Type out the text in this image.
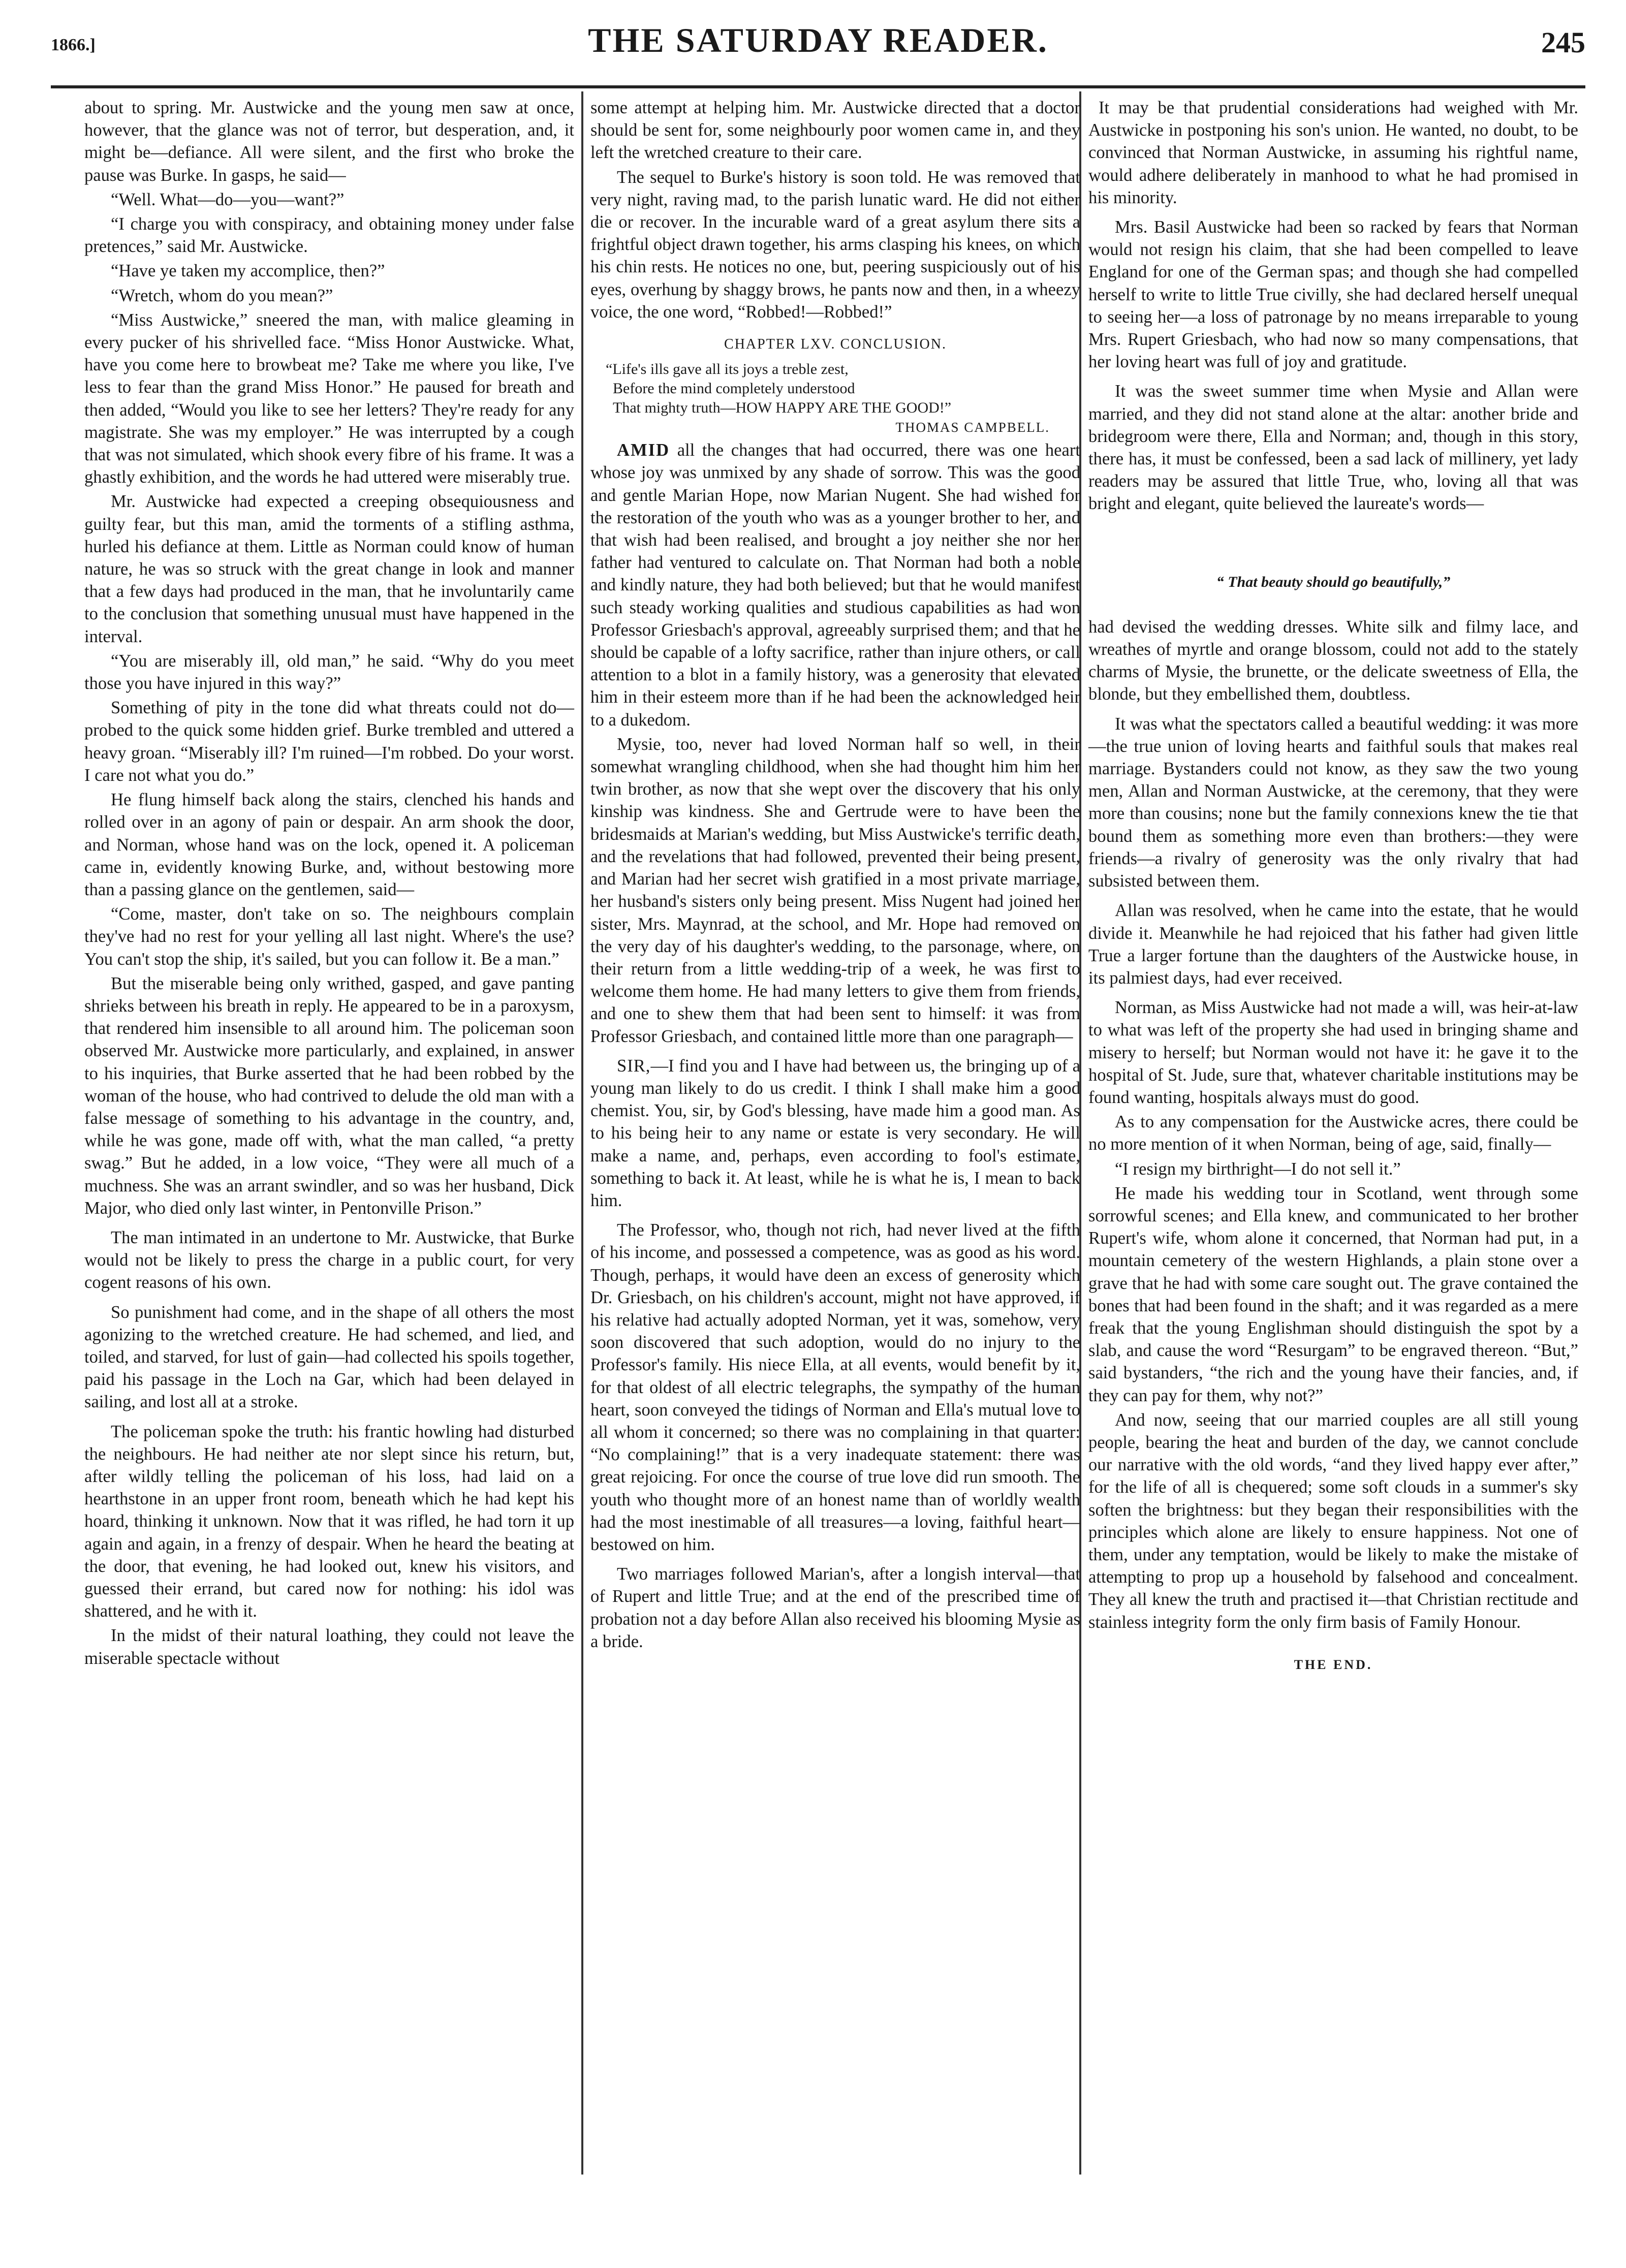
1866.]	THE SATURDAY READER.	245

about to spring. Mr. Austwicke and the young men saw at once, however, that the glance was not of terror, but desperation, and, it might be—defiance. All were silent, and the first who broke the pause was Burke. In gasps, he said—

“Well. What—do—you—want?”

“I charge you with conspiracy, and obtaining money under false pretences,” said Mr. Austwicke.

“Have ye taken my accomplice, then?”

“Wretch, whom do you mean?”

“Miss Austwicke,” sneered the man, with malice gleaming in every pucker of his shrivelled face. “Miss Honor Austwicke. What, have you come here to browbeat me? Take me where you like, I've less to fear than the grand Miss Honor.” He paused for breath and then added, “Would you like to see her letters? They're ready for any magistrate. She was my employer.” He was interrupted by a cough that was not simulated, which shook every fibre of his frame. It was a ghastly exhibition, and the words he had uttered were miserably true.

Mr. Austwicke had expected a creeping obsequiousness and guilty fear, but this man, amid the torments of a stifling asthma, hurled his defiance at them. Little as Norman could know of human nature, he was so struck with the great change in look and manner that a few days had produced in the man, that he involuntarily came to the conclusion that something unusual must have happened in the interval.

“You are miserably ill, old man,” he said. “Why do you meet those you have injured in this way?”

Something of pity in the tone did what threats could not do—probed to the quick some hidden grief. Burke trembled and uttered a heavy groan. “Miserably ill? I'm ruined—I'm robbed. Do your worst. I care not what you do.”

He flung himself back along the stairs, clenched his hands and rolled over in an agony of pain or despair. An arm shook the door, and Norman, whose hand was on the lock, opened it. A policeman came in, evidently knowing Burke, and, without bestowing more than a passing glance on the gentlemen, said—

“Come, master, don't take on so. The neighbours complain they've had no rest for your yelling all last night. Where's the use? You can't stop the ship, it's sailed, but you can follow it. Be a man.”

But the miserable being only writhed, gasped, and gave panting shrieks between his breath in reply. He appeared to be in a paroxysm, that rendered him insensible to all around him. The policeman soon observed Mr. Austwicke more particularly, and explained, in answer to his inquiries, that Burke asserted that he had been robbed by the woman of the house, who had contrived to delude the old man with a false message of something to his advantage in the country, and, while he was gone, made off with, what the man called, “a pretty swag.” But he added, in a low voice, “They were all much of a muchness. She was an arrant swindler, and so was her husband, Dick Major, who died only last winter, in Pentonville Prison.”

The man intimated in an undertone to Mr. Austwicke, that Burke would not be likely to press the charge in a public court, for very cogent reasons of his own.

So punishment had come, and in the shape of all others the most agonizing to the wretched creature. He had schemed, and lied, and toiled, and starved, for lust of gain—had collected his spoils together, paid his passage in the Loch na Gar, which had been delayed in sailing, and lost all at a stroke.

The policeman spoke the truth: his frantic howling had disturbed the neighbours. He had neither ate nor slept since his return, but, after wildly telling the policeman of his loss, had laid on a hearthstone in an upper front room, beneath which he had kept his hoard, thinking it unknown. Now that it was rifled, he had torn it up again and again, in a frenzy of despair. When he heard the beating at the door, that evening, he had looked out, knew his visitors, and guessed their errand, but cared now for nothing: his idol was shattered, and he with it.

In the midst of their natural loathing, they could not leave the miserable spectacle without

some attempt at helping him. Mr. Austwicke directed that a doctor should be sent for, some neighbourly poor women came in, and they left the wretched creature to their care.

The sequel to Burke's history is soon told. He was removed that very night, raving mad, to the parish lunatic ward. He did not either die or recover. In the incurable ward of a great asylum there sits a frightful object drawn together, his arms clasping his knees, on which his chin rests. He notices no one, but, peering suspiciously out of his eyes, overhung by shaggy brows, he pants now and then, in a wheezy voice, the one word, “Robbed!—Robbed!”

CHAPTER LXV. CONCLUSION.
“Life's ills gave all its joys a treble zest,
Before the mind completely understood
That mighty truth—HOW HAPPY ARE THE GOOD!”
THOMAS CAMPBELL.

AMID all the changes that had occurred, there was one heart whose joy was unmixed by any shade of sorrow. This was the good and gentle Marian Hope, now Marian Nugent. She had wished for the restoration of the youth who was as a younger brother to her, and that wish had been realised, and brought a joy neither she nor her father had ventured to calculate on. That Norman had both a noble and kindly nature, they had both believed; but that he would manifest such steady working qualities and studious capabilities as had won Professor Griesbach's approval, agreeably surprised them; and that he should be capable of a lofty sacrifice, rather than injure others, or call attention to a blot in a family history, was a generosity that elevated him in their esteem more than if he had been the acknowledged heir to a dukedom.

Mysie, too, never had loved Norman half so well, in their somewhat wrangling childhood, when she had thought him him her twin brother, as now that she wept over the discovery that his only kinship was kindness. She and Gertrude were to have been the bridesmaids at Marian's wedding, but Miss Austwicke's terrific death, and the revelations that had followed, prevented their being present, and Marian had her secret wish gratified in a most private marriage, her husband's sisters only being present. Miss Nugent had joined her sister, Mrs. Maynrad, at the school, and Mr. Hope had removed on the very day of his daughter's wedding, to the parsonage, where, on their return from a little wedding-trip of a week, he was first to welcome them home. He had many letters to give them from friends, and one to shew them that had been sent to himself: it was from Professor Griesbach, and contained little more than one paragraph—

SIR,—I find you and I have had between us, the bringing up of a young man likely to do us credit. I think I shall make him a good chemist. You, sir, by God's blessing, have made him a good man. As to his being heir to any name or estate is very secondary. He will make a name, and, perhaps, even according to fool's estimate, something to back it. At least, while he is what he is, I mean to back him.

The Professor, who, though not rich, had never lived at the fifth of his income, and possessed a competence, was as good as his word. Though, perhaps, it would have deen an excess of generosity which Dr. Griesbach, on his children's account, might not have approved, if his relative had actually adopted Norman, yet it was, somehow, very soon discovered that such adoption, would do no injury to the Professor's family. His niece Ella, at all events, would benefit by it, for that oldest of all electric telegraphs, the sympathy of the human heart, soon conveyed the tidings of Norman and Ella's mutual love to all whom it concerned; so there was no complaining in that quarter: “No complaining!” that is a very inadequate statement: there was great rejoicing. For once the course of true love did run smooth. The youth who thought more of an honest name than of worldly wealth had the most inestimable of all treasures—a loving, faithful heart—bestowed on him.

Two marriages followed Marian's, after a longish interval—that of Rupert and little True; and at the end of the prescribed time of probation not a day before Allan also received his blooming Mysie as a bride.

It may be that prudential considerations had weighed with Mr. Austwicke in postponing his son's union. He wanted, no doubt, to be convinced that Norman Austwicke, in assuming his rightful name, would adhere deliberately in manhood to what he had promised in his minority.

Mrs. Basil Austwicke had been so racked by fears that Norman would not resign his claim, that she had been compelled to leave England for one of the German spas; and though she had compelled herself to write to little True civilly, she had declared herself unequal to seeing her—a loss of patronage by no means irreparable to young Mrs. Rupert Griesbach, who had now so many compensations, that her loving heart was full of joy and gratitude.

It was the sweet summer time when Mysie and Allan were married, and they did not stand alone at the altar: another bride and bridegroom were there, Ella and Norman; and, though in this story, there has, it must be confessed, been a sad lack of millinery, yet lady readers may be assured that little True, who, loving all that was bright and elegant, quite believed the laureate's words—

“ That beauty should go beautifully,”

had devised the wedding dresses. White silk and filmy lace, and wreathes of myrtle and orange blossom, could not add to the stately charms of Mysie, the brunette, or the delicate sweetness of Ella, the blonde, but they embellished them, doubtless.

It was what the spectators called a beautiful wedding: it was more—the true union of loving hearts and faithful souls that makes real marriage. Bystanders could not know, as they saw the two young men, Allan and Norman Austwicke, at the ceremony, that they were more than cousins; none but the family connexions knew the tie that bound them as something more even than brothers:—they were friends—a rivalry of generosity was the only rivalry that had subsisted between them.

Allan was resolved, when he came into the estate, that he would divide it. Meanwhile he had rejoiced that his father had given little True a larger fortune than the daughters of the Austwicke house, in its palmiest days, had ever received.

Norman, as Miss Austwicke had not made a will, was heir-at-law to what was left of the property she had used in bringing shame and misery to herself; but Norman would not have it: he gave it to the hospital of St. Jude, sure that, whatever charitable institutions may be found wanting, hospitals always must do good.

As to any compensation for the Austwicke acres, there could be no more mention of it when Norman, being of age, said, finally—

“I resign my birthright—I do not sell it.”

He made his wedding tour in Scotland, went through some sorrowful scenes; and Ella knew, and communicated to her brother Rupert's wife, whom alone it concerned, that Norman had put, in a mountain cemetery of the western Highlands, a plain stone over a grave that he had with some care sought out. The grave contained the bones that had been found in the shaft; and it was regarded as a mere freak that the young Englishman should distinguish the spot by a slab, and cause the word “Resurgam” to be engraved thereon. “But,” said bystanders, “the rich and the young have their fancies, and, if they can pay for them, why not?”

And now, seeing that our married couples are all still young people, bearing the heat and burden of the day, we cannot conclude our narrative with the old words, “and they lived happy ever after,” for the life of all is chequered; some soft clouds in a summer's sky soften the brightness: but they began their responsibilities with the principles which alone are likely to ensure happiness. Not one of them, under any temptation, would be likely to make the mistake of attempting to prop up a household by falsehood and concealment. They all knew the truth and practised it—that Christian rectitude and stainless integrity form the only firm basis of Family Honour.

THE END.
